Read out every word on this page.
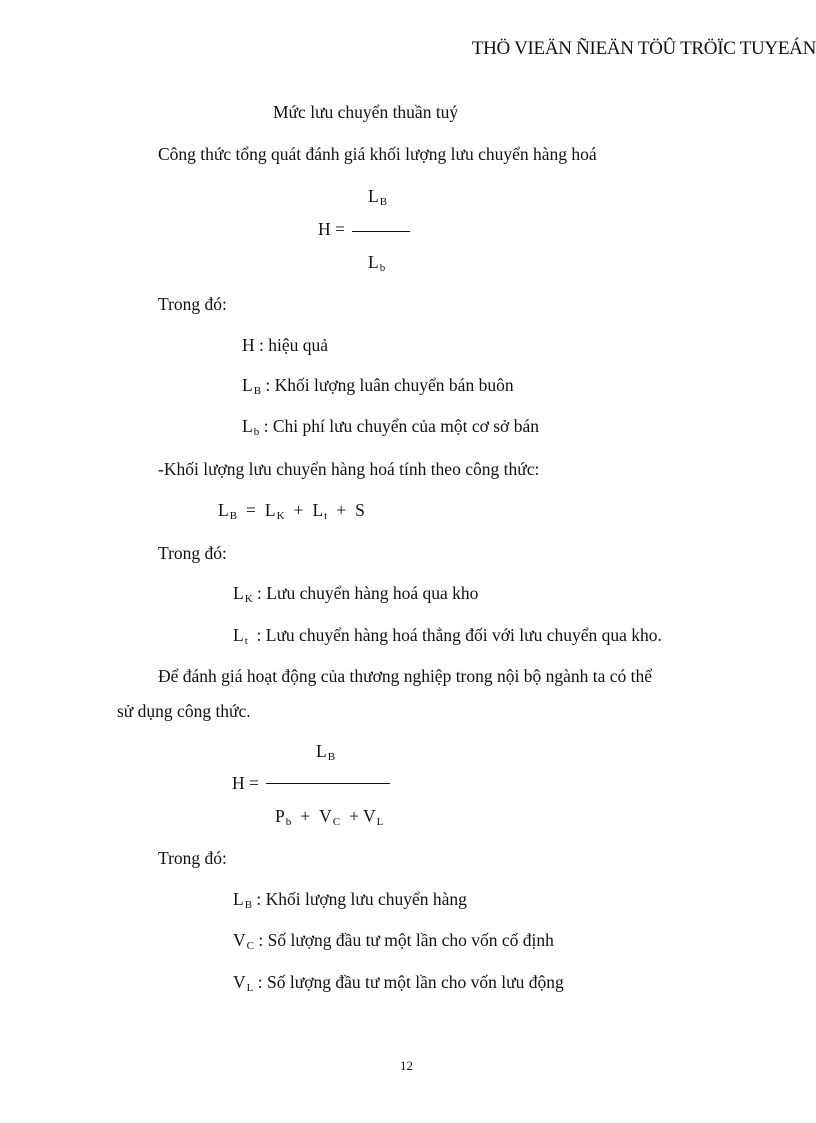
THÖ VIEÄN ÑIEÄN TÖÛ TRÖÏC TUYEÁN
Mức lưu chuyển thuần tuý
Công thức tổng quát đánh giá khối lượng lưu chuyển hàng hoá
$L_B$
H =
$L_b$
Trong đó:
H : hiệu quả
$L_B$ : Khối lượng luân chuyển bán buôn
$L_b$ : Chi phí lưu chuyển của một cơ sở bán
-Khối lượng lưu chuyển hàng hoá tính theo công thức:
$L_B = L_K + L_t + S$
Trong đó:
$L_K$ : Lưu chuyển hàng hoá qua kho
$L_t$  : Lưu chuyển hàng hoá thẳng đối với lưu chuyển qua kho.
Để đánh giá hoạt động của thương nghiệp trong nội bộ ngành ta có thể
sử dụng công thức.
$L_B$
H =
$P_b + V_C + V_L$
Trong đó:
$L_B$ : Khối lượng lưu chuyển hàng
$V_C$ : Số lượng đầu tư một lần cho vốn cố định
$V_L$ : Số lượng đầu tư một lần cho vốn lưu động
12
